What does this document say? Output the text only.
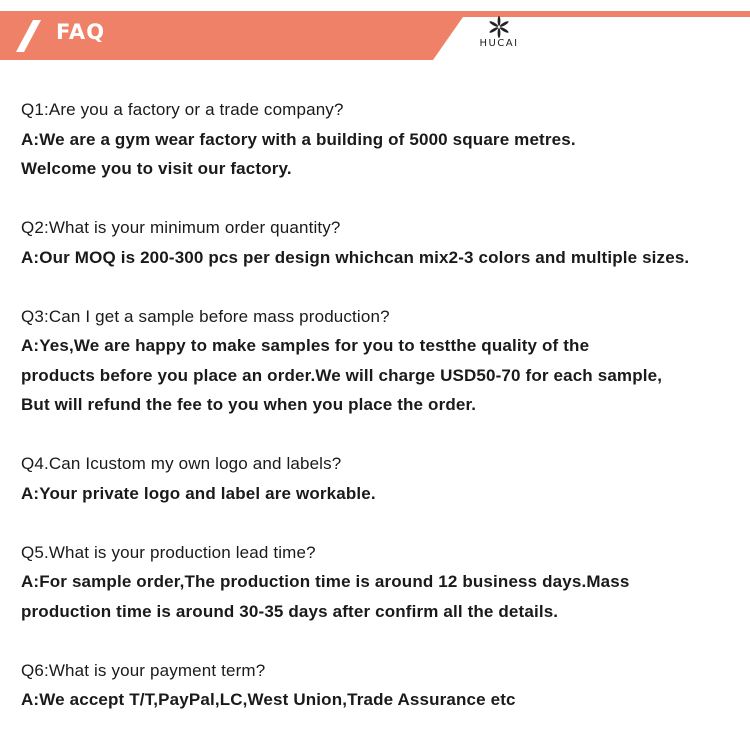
FAQ	HUCAI

Q1:Are you a factory or a trade company?

A:We are a gym wear factory with a building of 5000 square metres.

Welcome you to visit our factory.

Q2:What is your minimum order quantity?

A:Our MOQ is 200-300 pcs per design whichcan mix2-3 colors and multiple sizes.

Q3:Can I get a sample before mass production?

A:Yes,We are happy to make samples for you to testthe quality of the

products before you place an order.We will charge USD50-70 for each sample,

But will refund the fee to you when you place the order.

Q4.Can Icustom my own logo and labels?

A:Your private logo and label are workable.

Q5.What is your production lead time?

A:For sample order,The production time is around 12 business days.Mass

production time is around 30-35 days after confirm all the details.

Q6:What is your payment term?

A:We accept T/T,PayPal,LC,West Union,Trade Assurance etc
